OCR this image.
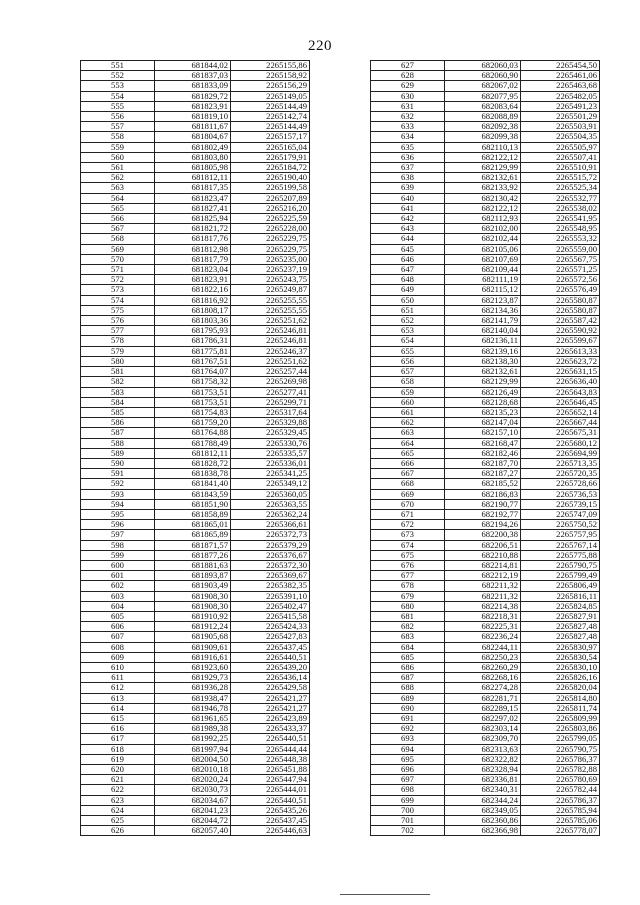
220
551	681844,02	2265155,86
552	681837,03	2265158,92
553	681833,09	2265156,29
554	681829,72	2265149,05
555	681823,91	2265144,49
556	681819,10	2265142,74
557	681811,67	2265144,49
558	681804,67	2265157,17
559	681802,49	2265165,04
560	681803,80	2265179,91
561	681805,98	2265184,72
562	681812,11	2265190,40
563	681817,35	2265199,58
564	681823,47	2265207,89
565	681827,41	2265216,20
566	681825,94	2265225,59
567	681821,72	2265228,00
568	681817,76	2265229,75
569	681812,98	2265229,75
570	681817,79	2265235,00
571	681823,04	2265237,19
572	681823,91	2265243,75
573	681822,16	2265249,87
574	681816,92	2265255,55
575	681808,17	2265255,55
576	681803,36	2265251,62
577	681795,93	2265246,81
578	681786,31	2265246,81
579	681775,81	2265246,37
580	681767,51	2265251,62
581	681764,07	2265257,44
582	681758,32	2265269,98
583	681753,51	2265277,41
584	681753,51	2265299,71
585	681754,83	2265317,64
586	681759,20	2265329,88
587	681764,88	2265329,45
588	681788,49	2265330,76
589	681812,11	2265335,57
590	681828,72	2265336,01
591	681838,78	2265341,25
592	681841,40	2265349,12
593	681843,59	2265360,05
594	681851,90	2265363,55
595	681858,89	2265362,24
596	681865,01	2265366,61
597	681865,89	2265372,73
598	681871,57	2265379,29
599	681877,26	2265376,67
600	681881,63	2265372,30
601	681893,87	2265369,67
602	681903,49	2265382,35
603	681908,30	2265391,10
604	681908,30	2265402,47
605	681910,92	2265415,58
606	681912,24	2265424,33
607	681905,68	2265427,83
608	681909,61	2265437,45
609	681916,61	2265440,51
610	681923,60	2265439,20
611	681929,73	2265436,14
612	681936,28	2265429,58
613	681938,47	2265421,27
614	681946,78	2265421,27
615	681961,65	2265423,89
616	681989,38	2265433,37
617	681992,25	2265440,51
618	681997,94	2265444,44
619	682004,50	2265448,38
620	682010,18	2265451,88
621	682020,24	2265447,94
622	682030,73	2265444,01
623	682034,67	2265440,51
624	682041,23	2265435,26
625	682044,72	2265437,45
626	682057,40	2265446,63
627	682060,03	2265454,50
628	682060,90	2265461,06
629	682067,02	2265463,68
630	682077,95	2265482,05
631	682083,64	2265491,23
632	682088,89	2265501,29
633	682092,38	2265503,91
634	682099,38	2265504,35
635	682110,13	2265505,97
636	682122,12	2265507,41
637	682129,99	2265510,91
638	682132,61	2265515,72
639	682133,92	2265525,34
640	682130,42	2265532,77
641	682122,12	2265538,02
642	682112,93	2265541,95
643	682102,00	2265548,95
644	682102,44	2265553,32
645	682105,06	2265559,00
646	682107,69	2265567,75
647	682109,44	2265571,25
648	682111,19	2265572,56
649	682115,12	2265576,49
650	682123,87	2265580,87
651	682134,36	2265580,87
652	682141,79	2265587,42
653	682140,04	2265590,92
654	682136,11	2265599,67
655	682139,16	2265613,33
656	682138,30	2265623,72
657	682132,61	2265631,15
658	682129,99	2265636,40
659	682126,49	2265643,83
660	682128,68	2265646,45
661	682135,23	2265652,14
662	682147,04	2265667,44
663	682157,10	2265675,31
664	682168,47	2265680,12
665	682182,46	2265694,99
666	682187,70	2265713,35
667	682187,27	2265720,35
668	682185,52	2265728,66
669	682186,83	2265736,53
670	682190,77	2265739,15
671	682192,77	2265747,09
672	682194,26	2265750,52
673	682200,38	2265757,95
674	682206,51	2265767,14
675	682210,88	2265775,88
676	682214,81	2265790,75
677	682212,19	2265799,49
678	682211,32	2265806,49
679	682211,32	2265816,11
680	682214,38	2265824,85
681	682218,31	2265827,91
682	682225,31	2265827,48
683	682236,24	2265827,48
684	682244,11	2265830,97
685	682250,23	2265830,54
686	682260,29	2265830,10
687	682268,16	2265826,16
688	682274,28	2265820,04
689	682281,71	2265814,80
690	682289,15	2265811,74
691	682297,02	2265809,99
692	682303,14	2265803,86
693	682309,70	2265799,05
694	682313,63	2265790,75
695	682322,82	2265786,37
696	682328,94	2265782,88
697	682336,81	2265780,69
698	682340,31	2265782,44
699	682344,24	2265786,37
700	682349,05	2265785,94
701	682360,86	2265785,06
702	682366,98	2265778,07
